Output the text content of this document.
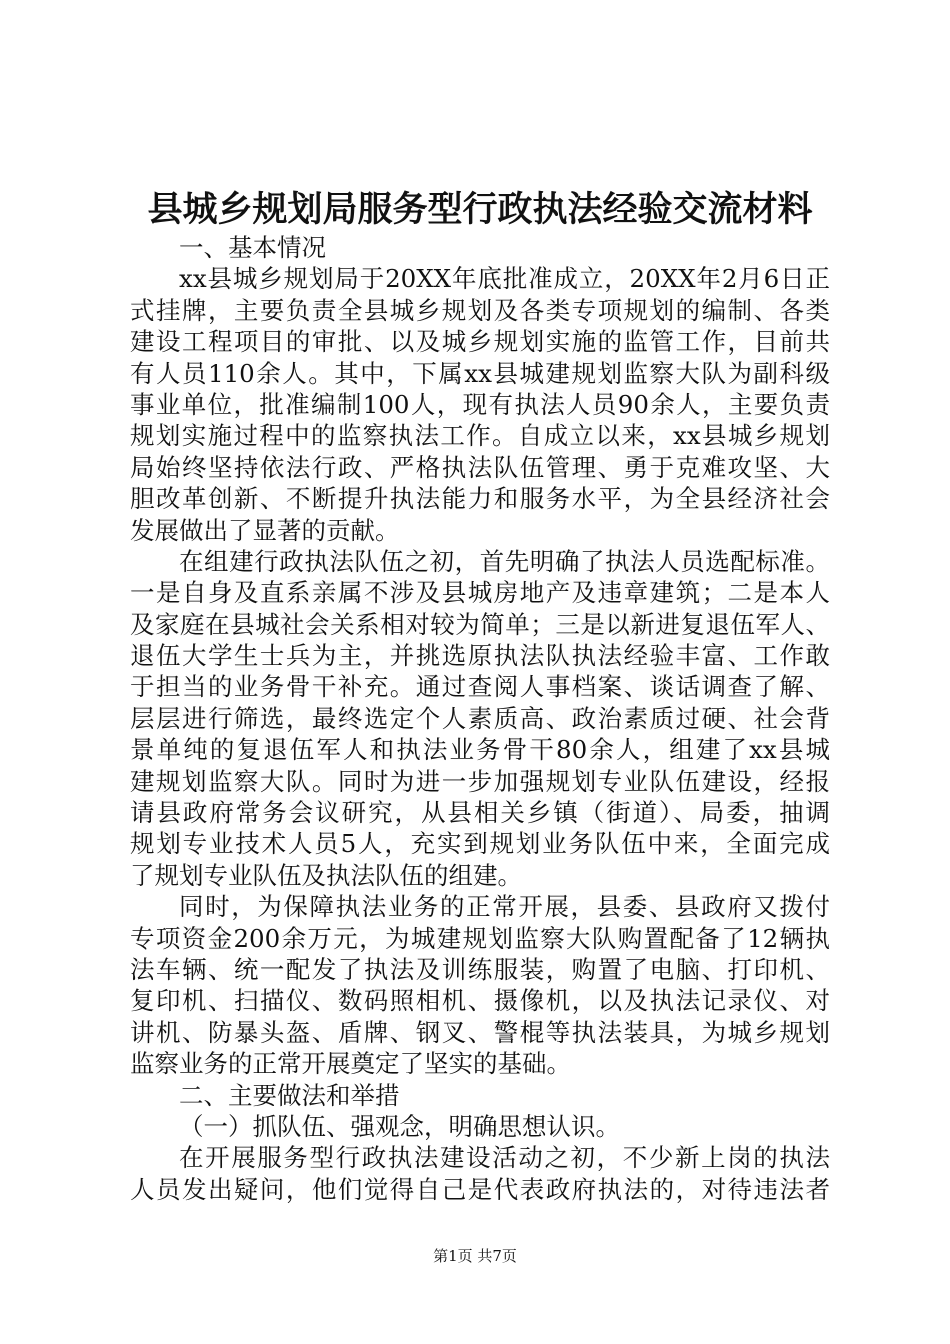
县城乡规划局服务型行政执法经验交流材料
一、基本情况
xx县城乡规划局于20XX年底批准成立，20XX年2月6日正
式挂牌，主要负责全县城乡规划及各类专项规划的编制、各类
建设工程项目的审批、以及城乡规划实施的监管工作，目前共
有人员110余人。其中，下属xx县城建规划监察大队为副科级
事业单位，批准编制100人，现有执法人员90余人，主要负责
规划实施过程中的监察执法工作。自成立以来，xx县城乡规划
局始终坚持依法行政、严格执法队伍管理、勇于克难攻坚、大
胆改革创新、不断提升执法能力和服务水平，为全县经济社会
发展做出了显著的贡献。
在组建行政执法队伍之初，首先明确了执法人员选配标准。
一是自身及直系亲属不涉及县城房地产及违章建筑；二是本人
及家庭在县城社会关系相对较为简单；三是以新进复退伍军人、
退伍大学生士兵为主，并挑选原执法队执法经验丰富、工作敢
于担当的业务骨干补充。通过查阅人事档案、谈话调查了解、
层层进行筛选，最终选定个人素质高、政治素质过硬、社会背
景单纯的复退伍军人和执法业务骨干80余人，组建了xx县城
建规划监察大队。同时为进一步加强规划专业队伍建设，经报
请县政府常务会议研究，从县相关乡镇（街道）、局委，抽调
规划专业技术人员5人，充实到规划业务队伍中来，全面完成
了规划专业队伍及执法队伍的组建。
同时，为保障执法业务的正常开展，县委、县政府又拨付
专项资金200余万元，为城建规划监察大队购置配备了12辆执
法车辆、统一配发了执法及训练服装，购置了电脑、打印机、
复印机、扫描仪、数码照相机、摄像机，以及执法记录仪、对
讲机、防暴头盔、盾牌、钢叉、警棍等执法装具，为城乡规划
监察业务的正常开展奠定了坚实的基础。
二、主要做法和举措
（一）抓队伍、强观念，明确思想认识。
在开展服务型行政执法建设活动之初，不少新上岗的执法
人员发出疑问，他们觉得自己是代表政府执法的，对待违法者
第1页 共7页
